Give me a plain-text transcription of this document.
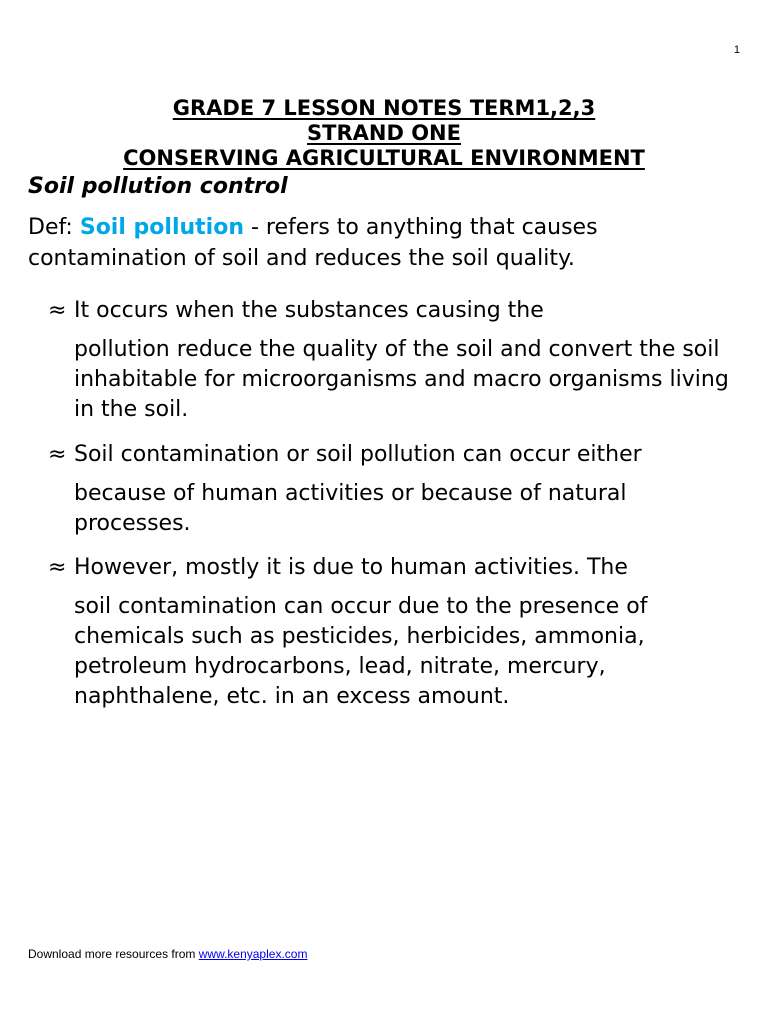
1
GRADE 7 LESSON NOTES TERM1,2,3
STRAND ONE
CONSERVING AGRICULTURAL ENVIRONMENT
Soil pollution control
Def: Soil pollution - refers to anything that causes contamination of soil and reduces the soil quality.
≈ It occurs when the substances causing the
pollution reduce the quality of the soil and convert the soil inhabitable for microorganisms and macro organisms living in the soil.
≈ Soil contamination or soil pollution can occur either
because of human activities or because of natural processes.
≈ However, mostly it is due to human activities. The
soil contamination can occur due to the presence of chemicals such as pesticides, herbicides, ammonia, petroleum hydrocarbons, lead, nitrate, mercury, naphthalene, etc. in an excess amount.
Download more resources from www.kenyaplex.com
